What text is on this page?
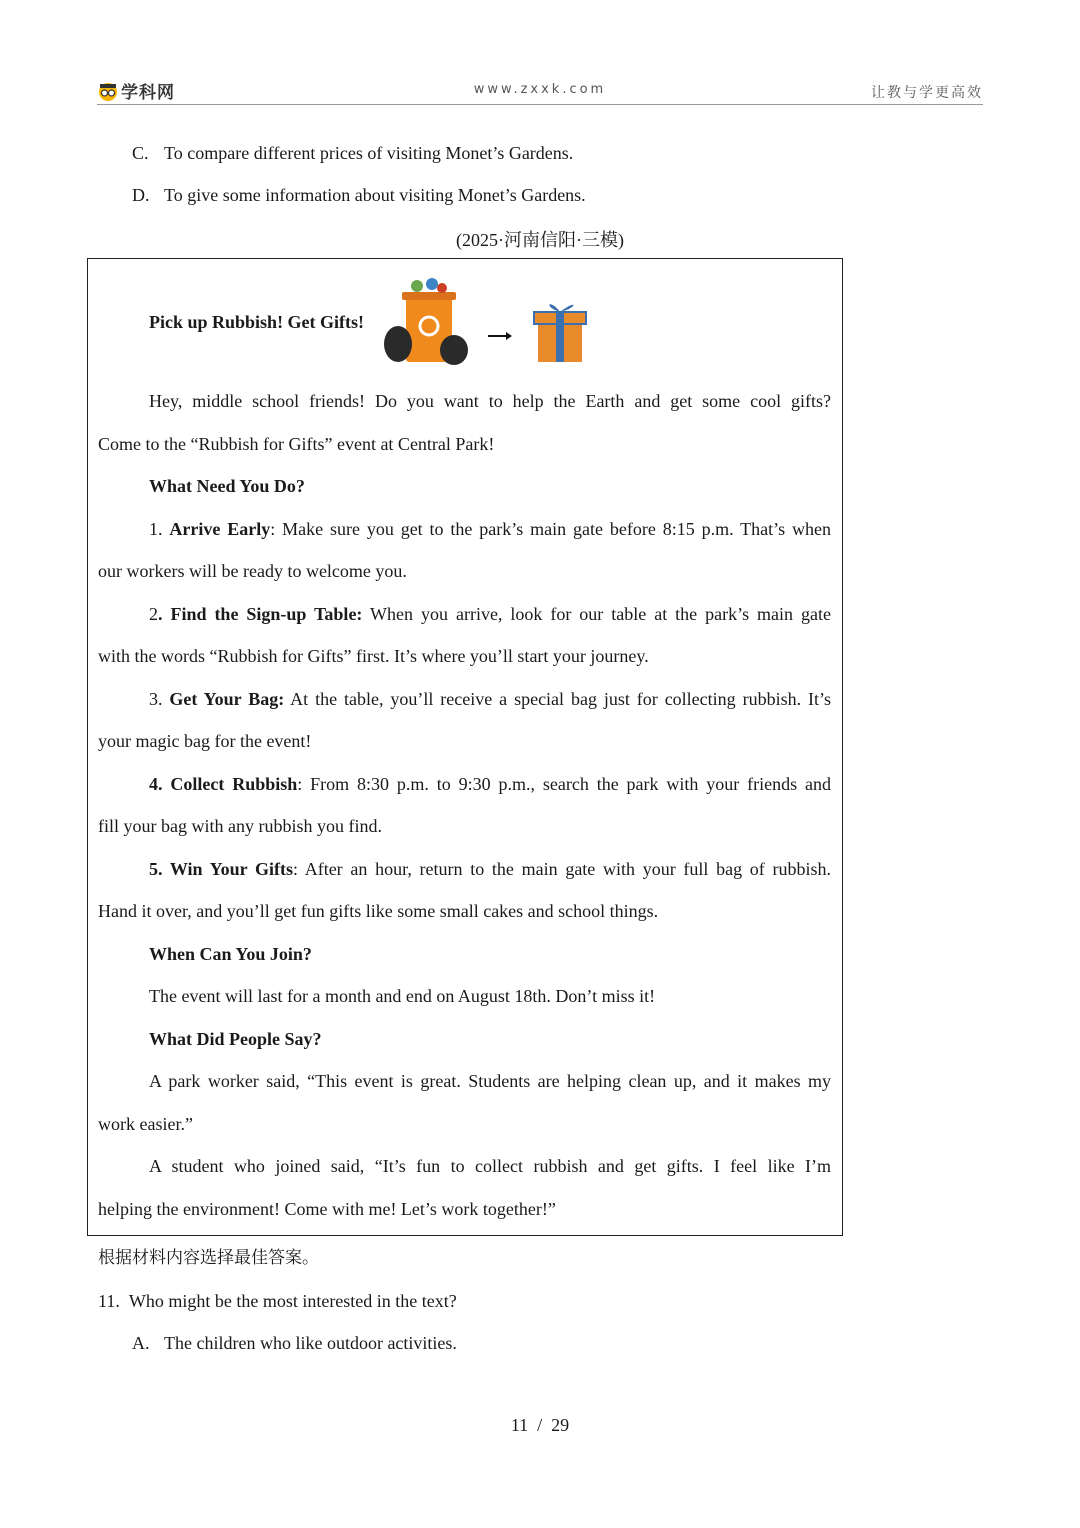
学科网	www.zxxk.com	让教与学更高效
C. To compare different prices of visiting Monet’s Gardens.
D. To give some information about visiting Monet’s Gardens.
(2025·河南信阳·三模)
Pick up Rubbish! Get Gifts!
Hey, middle school friends! Do you want to help the Earth and get some cool gifts?
Come to the “Rubbish for Gifts” event at Central Park!
What Need You Do?
1. Arrive Early: Make sure you get to the park’s main gate before 8:15 p.m. That’s when
our workers will be ready to welcome you.
2. Find the Sign-up Table: When you arrive, look for our table at the park’s main gate
with the words “Rubbish for Gifts” first. It’s where you’ll start your journey.
3. Get Your Bag: At the table, you’ll receive a special bag just for collecting rubbish. It’s
your magic bag for the event!
4. Collect Rubbish: From 8:30 p.m. to 9:30 p.m., search the park with your friends and
fill your bag with any rubbish you find.
5. Win Your Gifts: After an hour, return to the main gate with your full bag of rubbish.
Hand it over, and you’ll get fun gifts like some small cakes and school things.
When Can You Join?
The event will last for a month and end on August 18th. Don’t miss it!
What Did People Say?
A park worker said, “This event is great. Students are helping clean up, and it makes my
work easier.”
A student who joined said, “It’s fun to collect rubbish and get gifts. I feel like I’m
helping the environment! Come with me! Let’s work together!”
根据材料内容选择最佳答案。
11. Who might be the most interested in the text?
A. The children who like outdoor activities.
11  /  29
